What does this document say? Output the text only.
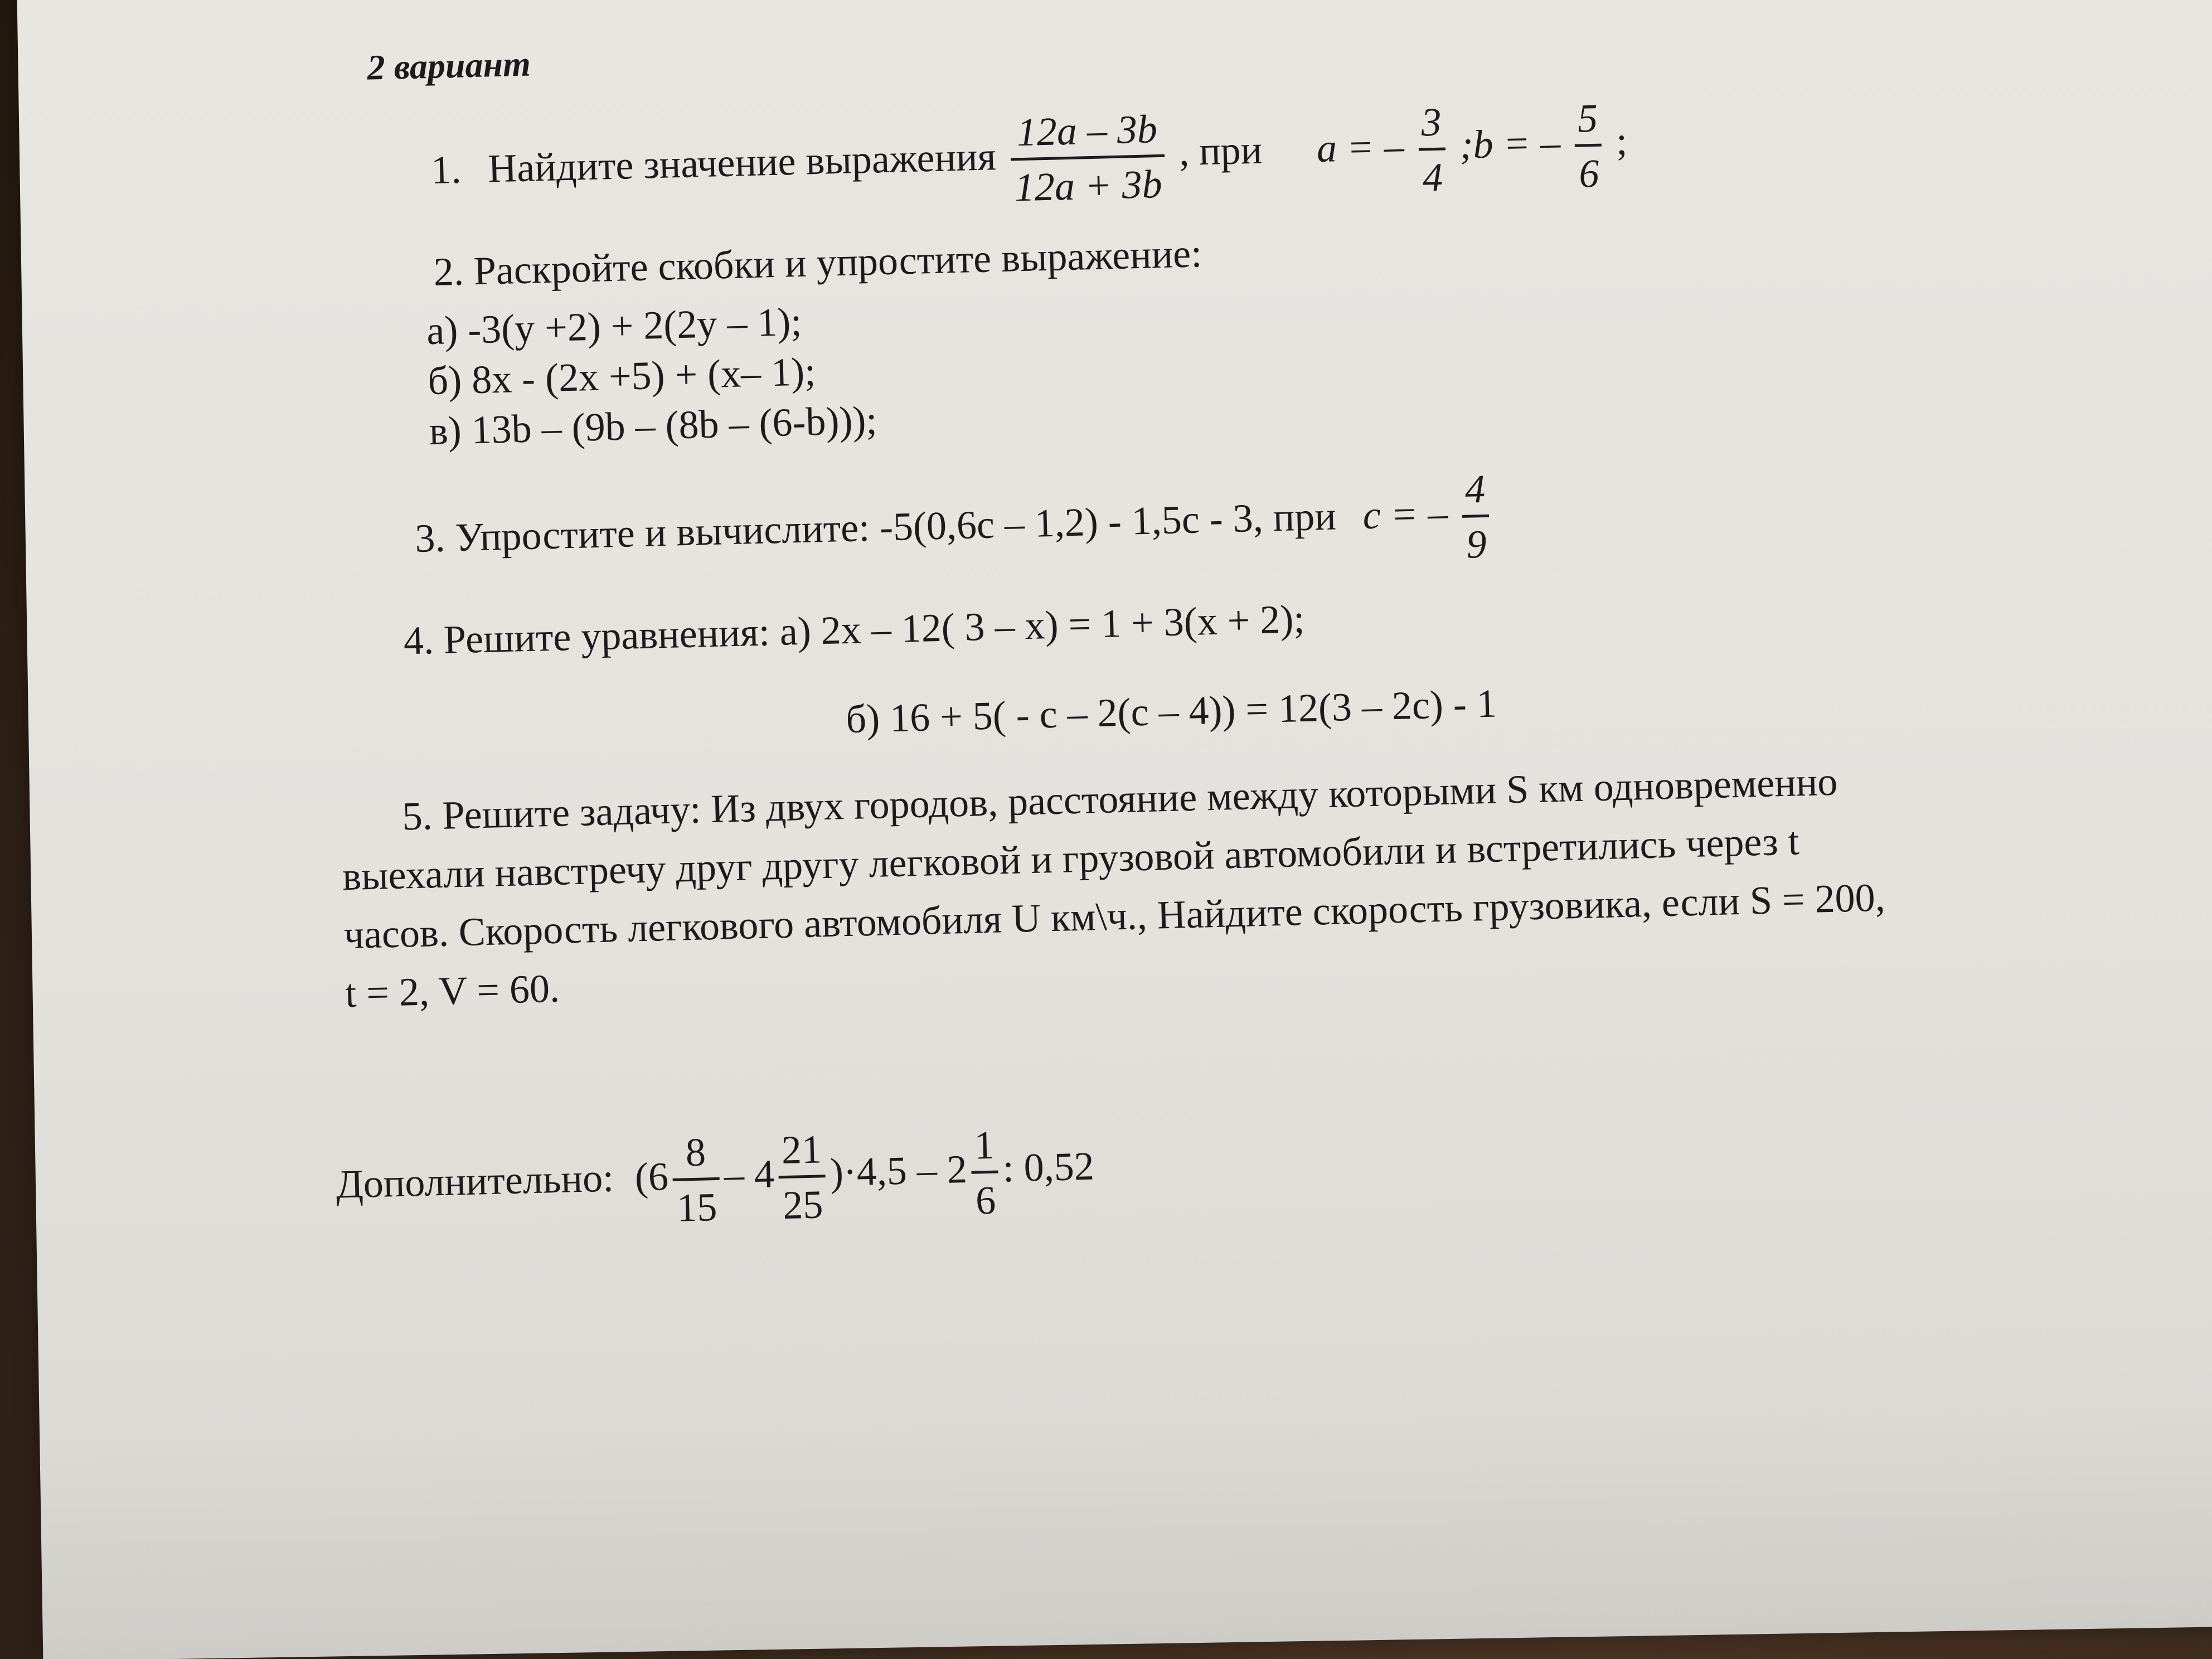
2 вариант
1. Найдите значение выражения $\frac{12a - 3b}{12a + 3b}$ , при a = – $\frac{3}{4}$ ;b = – $\frac{5}{6}$ ;
2. Раскройте скобки и упростите выражение:
а) -3(y +2) + 2(2y – 1);
б) 8x - (2x +5) + (x– 1);
в) 13b – (9b – (8b – (6-b)));
3. Упростите и вычислите: -5(0,6c – 1,2) - 1,5c - 3, при c = – $\frac{4}{9}$
4. Решите уравнения: а) 2x – 12( 3 – x) = 1 + 3(x + 2);
б) 16 + 5( - c – 2(c – 4)) = 12(3 – 2c) - 1
5. Решите задачу: Из двух городов, расстояние между которыми S км одновременно
выехали навстречу друг другу легковой и грузовой автомобили и встретились через t
часов. Скорость легкового автомобиля U км\ч., Найдите скорость грузовика, если S = 200,
t = 2, V = 60.
Дополнительно: $(6 \frac{8}{15} - 4 \frac{21}{25} )\cdot 4,5 - 2 \frac{1}{6}$ : 0,52
